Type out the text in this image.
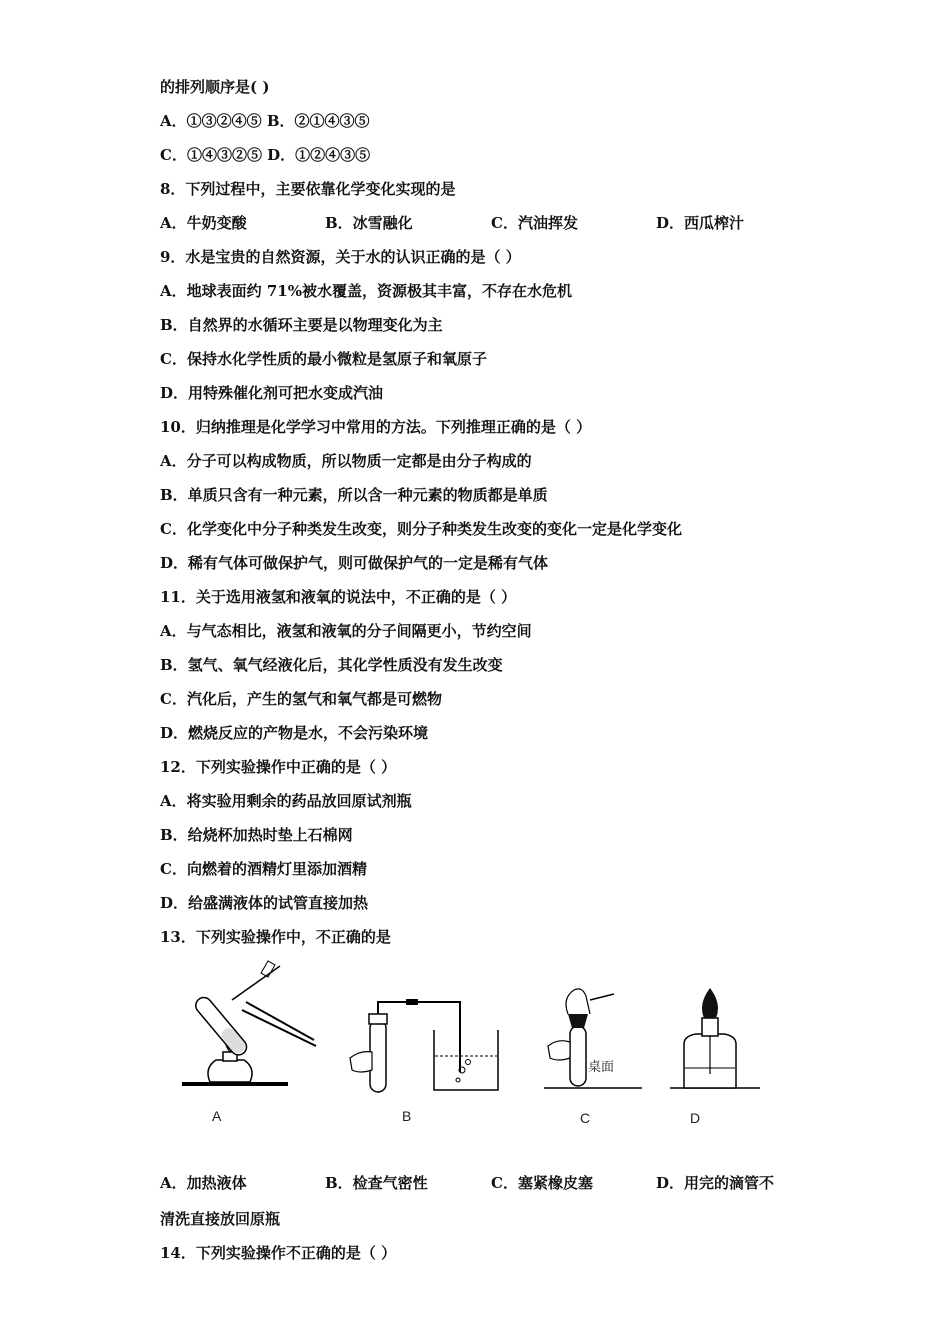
的排列顺序是( )
A．①③②④⑤ B．②①④③⑤
C．①④③②⑤ D．①②④③⑤
8．下列过程中，主要依靠化学变化实现的是
A．牛奶变酸	B．冰雪融化	C．汽油挥发	D．西瓜榨汁
9．水是宝贵的自然资源，关于水的认识正确的是（ ）
A．地球表面约 71%被水覆盖，资源极其丰富，不存在水危机
B．自然界的水循环主要是以物理变化为主
C．保持水化学性质的最小微粒是氢原子和氧原子
D．用特殊催化剂可把水变成汽油
10．归纳推理是化学学习中常用的方法。下列推理正确的是（ ）
A．分子可以构成物质，所以物质一定都是由分子构成的
B．单质只含有一种元素，所以含一种元素的物质都是单质
C．化学变化中分子种类发生改变，则分子种类发生改变的变化一定是化学变化
D．稀有气体可做保护气，则可做保护气的一定是稀有气体
11．关于选用液氢和液氧的说法中，不正确的是（ ）
A．与气态相比，液氢和液氧的分子间隔更小，节约空间
B．氢气、氧气经液化后，其化学性质没有发生改变
C．汽化后，产生的氢气和氧气都是可燃物
D．燃烧反应的产物是水，不会污染环境
12．下列实验操作中正确的是（ ）
A．将实验用剩余的药品放回原试剂瓶
B．给烧杯加热时垫上石棉网
C．向燃着的酒精灯里添加酒精
D．给盛满液体的试管直接加热
13．下列实验操作中，不正确的是
A	B
桌面
C	D
A．加热液体	B．检查气密性	C．塞紧橡皮塞	D．用完的滴管不
清洗直接放回原瓶
14．下列实验操作不正确的是（ ）
